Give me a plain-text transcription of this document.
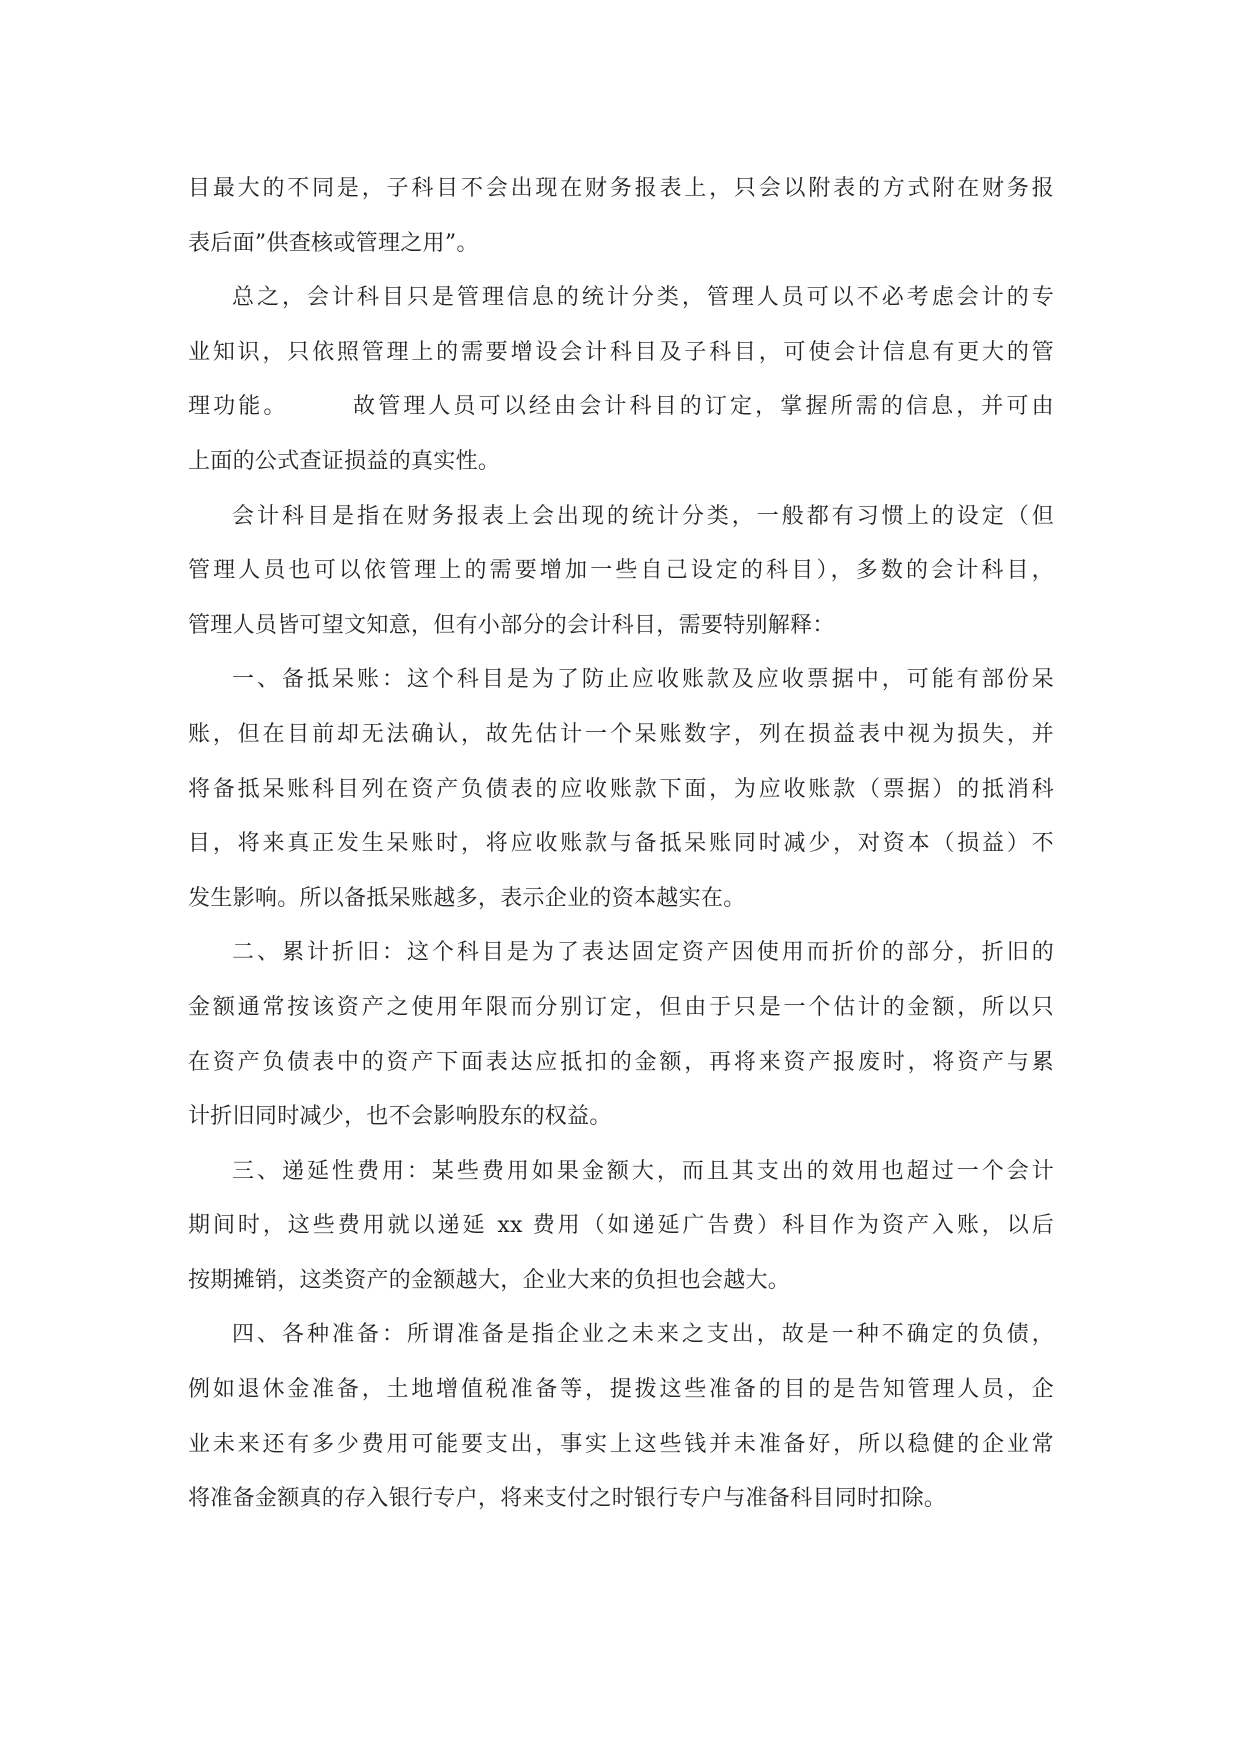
目最大的不同是，子科目不会出现在财务报表上，只会以附表的方式附在财务报
表后面”供查核或管理之用”。
总之，会计科目只是管理信息的统计分类，管理人员可以不必考虑会计的专
业知识，只依照管理上的需要增设会计科目及子科目，可使会计信息有更大的管
理功能。　　　故管理人员可以经由会计科目的订定，掌握所需的信息，并可由
上面的公式查证损益的真实性。
会计科目是指在财务报表上会出现的统计分类，一般都有习惯上的设定（但
管理人员也可以依管理上的需要增加一些自己设定的科目），多数的会计科目，
管理人员皆可望文知意，但有小部分的会计科目，需要特别解释：
一、备抵呆账：这个科目是为了防止应收账款及应收票据中，可能有部份呆
账，但在目前却无法确认，故先估计一个呆账数字，列在损益表中视为损失，并
将备抵呆账科目列在资产负债表的应收账款下面，为应收账款（票据）的抵消科
目，将来真正发生呆账时，将应收账款与备抵呆账同时减少，对资本（损益）不
发生影响。所以备抵呆账越多，表示企业的资本越实在。
二、累计折旧：这个科目是为了表达固定资产因使用而折价的部分，折旧的
金额通常按该资产之使用年限而分别订定，但由于只是一个估计的金额，所以只
在资产负债表中的资产下面表达应抵扣的金额，再将来资产报废时，将资产与累
计折旧同时减少，也不会影响股东的权益。
三、递延性费用：某些费用如果金额大，而且其支出的效用也超过一个会计
期间时，这些费用就以递延 xx 费用（如递延广告费）科目作为资产入账，以后
按期摊销，这类资产的金额越大，企业大来的负担也会越大。
四、各种准备：所谓准备是指企业之未来之支出，故是一种不确定的负债，
例如退休金准备，土地增值税准备等，提拨这些准备的目的是告知管理人员，企
业未来还有多少费用可能要支出，事实上这些钱并未准备好，所以稳健的企业常
将准备金额真的存入银行专户，将来支付之时银行专户与准备科目同时扣除。
